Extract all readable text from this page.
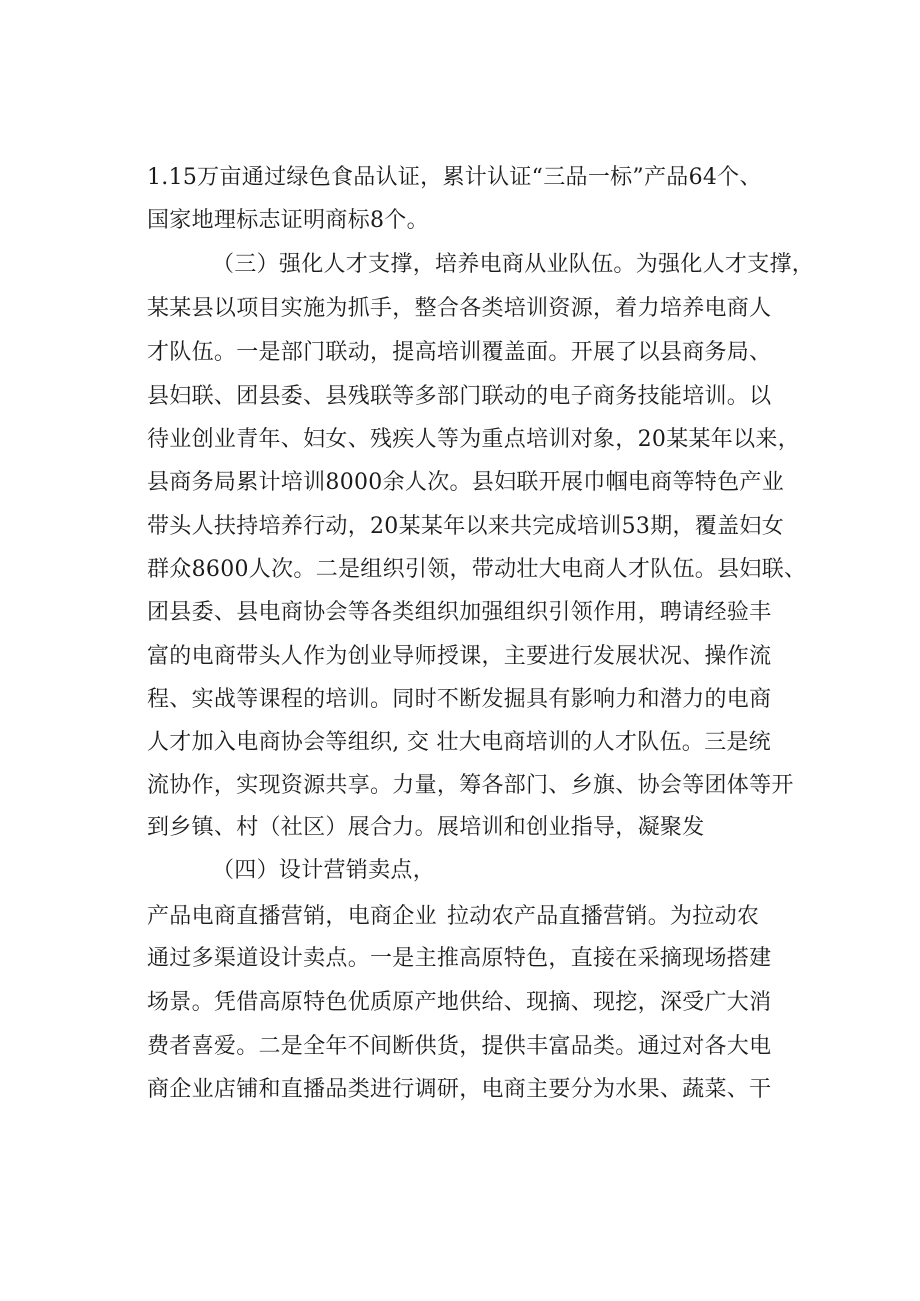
1.15万亩通过绿色食品认证，累计认证“三品一标”产品64个、
国家地理标志证明商标8个。
（三）强化人才支撑，培养电商从业队伍。为强化人才支撑，
某某县以项目实施为抓手，整合各类培训资源，着力培养电商人
才队伍。一是部门联动，提高培训覆盖面。开展了以县商务局、
县妇联、团县委、县残联等多部门联动的电子商务技能培训。以
待业创业青年、妇女、残疾人等为重点培训对象，20某某年以来，
县商务局累计培训8000余人次。县妇联开展巾帼电商等特色产业
带头人扶持培养行动，20某某年以来共完成培训53期，覆盖妇女
群众8600人次。二是组织引领，带动壮大电商人才队伍。县妇联、
团县委、县电商协会等各类组织加强组织引领作用，聘请经验丰
富的电商带头人作为创业导师授课，主要进行发展状况、操作流
程、实战等课程的培训。同时不断发掘具有影响力和潜力的电商
人才加入电商协会等组织, 交 壮大电商培训的人才队伍。三是统
流协作，实现资源共享。力量，筹各部门、乡旗、协会等团体等开
到乡镇、村（社区）展合力。展培训和创业指导，凝聚发
（四）设计营销卖点，
产品电商直播营销，电商企业 拉动农产品直播营销。为拉动农
通过多渠道设计卖点。一是主推高原特色，直接在采摘现场搭建
场景。凭借高原特色优质原产地供给、现摘、现挖，深受广大消
费者喜爱。二是全年不间断供货，提供丰富品类。通过对各大电
商企业店铺和直播品类进行调研，电商主要分为水果、蔬菜、干
